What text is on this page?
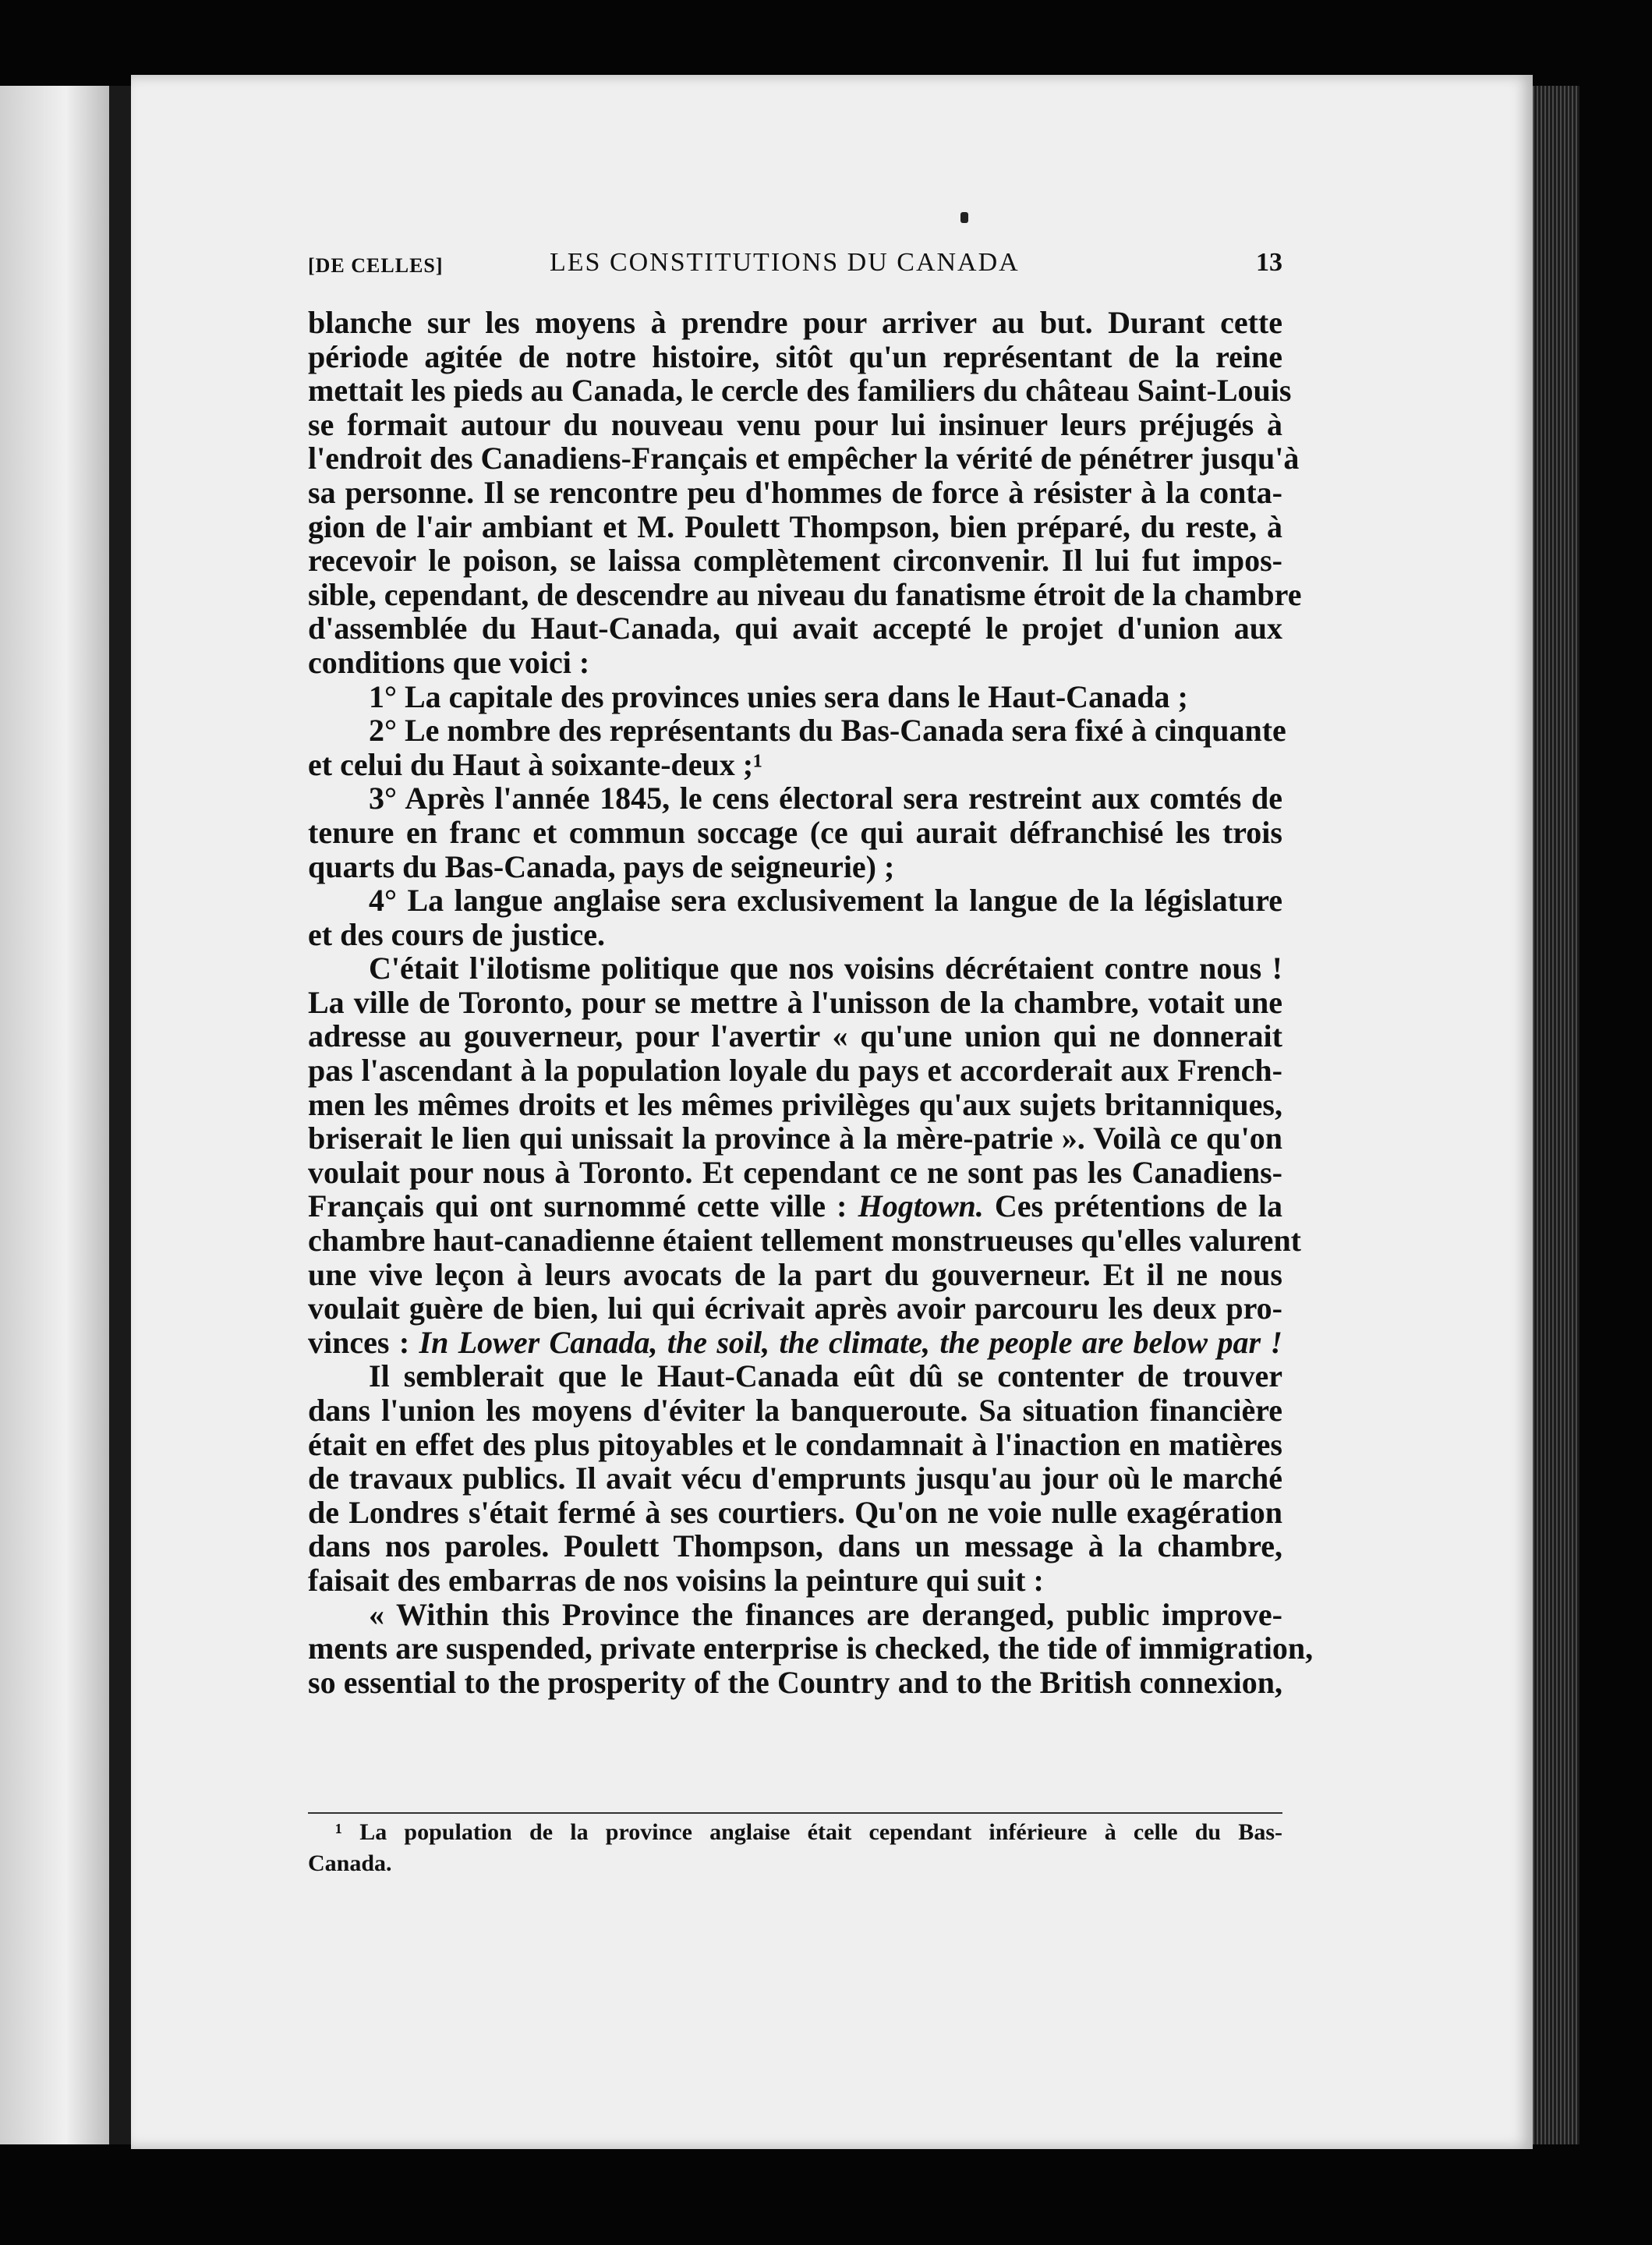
[DE CELLES]	LES CONSTITUTIONS DU CANADA	13
blanche sur les moyens à prendre pour arriver au but. Durant cette
période agitée de notre histoire, sitôt qu'un représentant de la reine
mettait les pieds au Canada, le cercle des familiers du château Saint-Louis
se formait autour du nouveau venu pour lui insinuer leurs préjugés à
l'endroit des Canadiens-Français et empêcher la vérité de pénétrer jusqu'à
sa personne. Il se rencontre peu d'hommes de force à résister à la conta-
gion de l'air ambiant et M. Poulett Thompson, bien préparé, du reste, à
recevoir le poison, se laissa complètement circonvenir. Il lui fut impos-
sible, cependant, de descendre au niveau du fanatisme étroit de la chambre
d'assemblée du Haut-Canada, qui avait accepté le projet d'union aux
conditions que voici :
1° La capitale des provinces unies sera dans le Haut-Canada ;
2° Le nombre des représentants du Bas-Canada sera fixé à cinquante
et celui du Haut à soixante-deux ;¹
3° Après l'année 1845, le cens électoral sera restreint aux comtés de
tenure en franc et commun soccage (ce qui aurait défranchisé les trois
quarts du Bas-Canada, pays de seigneurie) ;
4° La langue anglaise sera exclusivement la langue de la législature
et des cours de justice.
C'était l'ilotisme politique que nos voisins décrétaient contre nous !
La ville de Toronto, pour se mettre à l'unisson de la chambre, votait une
adresse au gouverneur, pour l'avertir « qu'une union qui ne donnerait
pas l'ascendant à la population loyale du pays et accorderait aux French-
men les mêmes droits et les mêmes privilèges qu'aux sujets britanniques,
briserait le lien qui unissait la province à la mère-patrie ». Voilà ce qu'on
voulait pour nous à Toronto. Et cependant ce ne sont pas les Canadiens-
Français qui ont surnommé cette ville : Hogtown. Ces prétentions de la
chambre haut-canadienne étaient tellement monstrueuses qu'elles valurent
une vive leçon à leurs avocats de la part du gouverneur. Et il ne nous
voulait guère de bien, lui qui écrivait après avoir parcouru les deux pro-
vinces : In Lower Canada, the soil, the climate, the people are below par !
Il semblerait que le Haut-Canada eût dû se contenter de trouver
dans l'union les moyens d'éviter la banqueroute. Sa situation financière
était en effet des plus pitoyables et le condamnait à l'inaction en matières
de travaux publics. Il avait vécu d'emprunts jusqu'au jour où le marché
de Londres s'était fermé à ses courtiers. Qu'on ne voie nulle exagération
dans nos paroles. Poulett Thompson, dans un message à la chambre,
faisait des embarras de nos voisins la peinture qui suit :
« Within this Province the finances are deranged, public improve-
ments are suspended, private enterprise is checked, the tide of immigration,
so essential to the prosperity of the Country and to the British connexion,
¹ La population de la province anglaise était cependant inférieure à celle du Bas-
Canada.
